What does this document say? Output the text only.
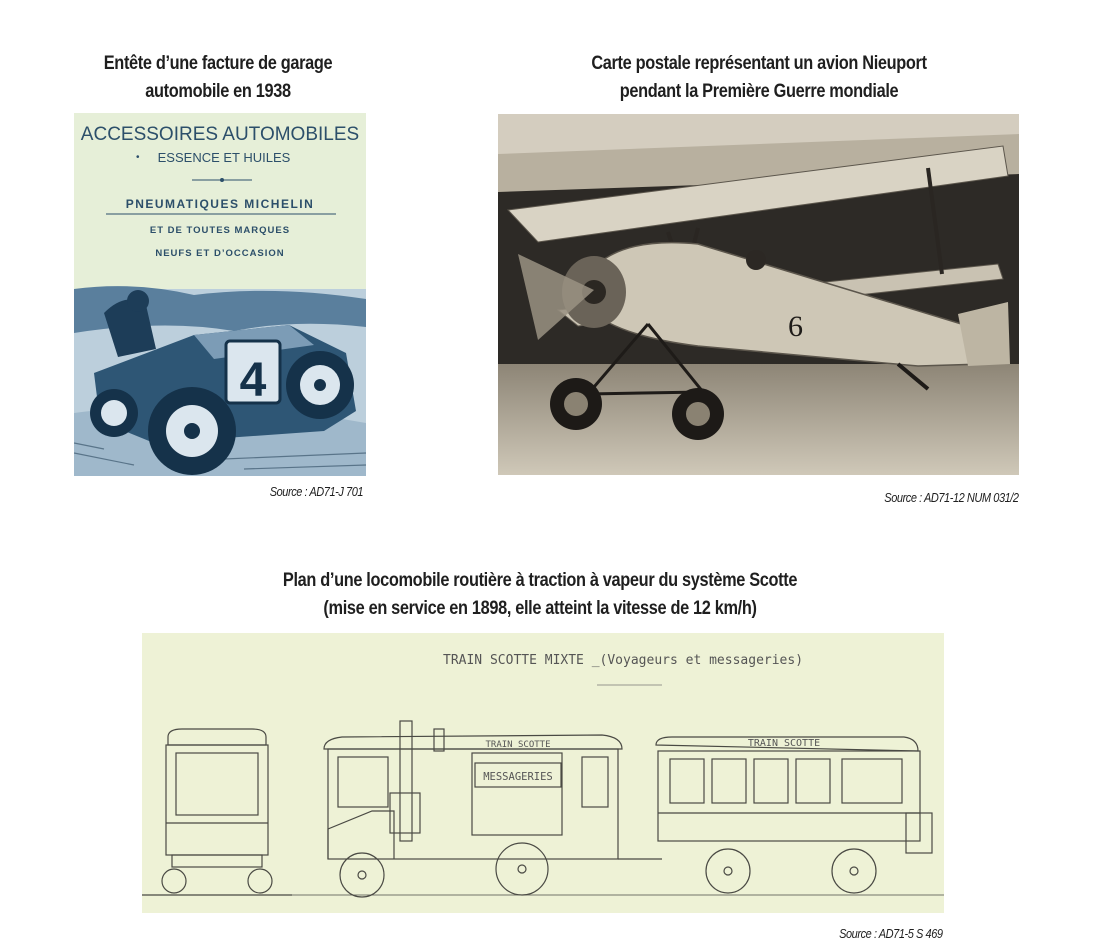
Entête d’une facture de garage
automobile en 1938
ACCESSOIRES AUTOMOBILES
ESSENCE ET HUILES
•
PNEUMATIQUES MICHELIN
ET DE TOUTES MARQUES
NEUFS ET D’OCCASION
4
Source : AD71-J 701
Carte postale représentant un avion Nieuport
pendant la Première Guerre mondiale
6
Source : AD71-12 NUM 031/2
Plan d’une locomobile routière à traction à vapeur du système Scotte
(mise en service en 1898, elle atteint la vitesse de 12 km/h)
TRAIN SCOTTE MIXTE _(Voyageurs et messageries)
TRAIN SCOTTE
MESSAGERIES
TRAIN SCOTTE
Source : AD71-5 S 469
